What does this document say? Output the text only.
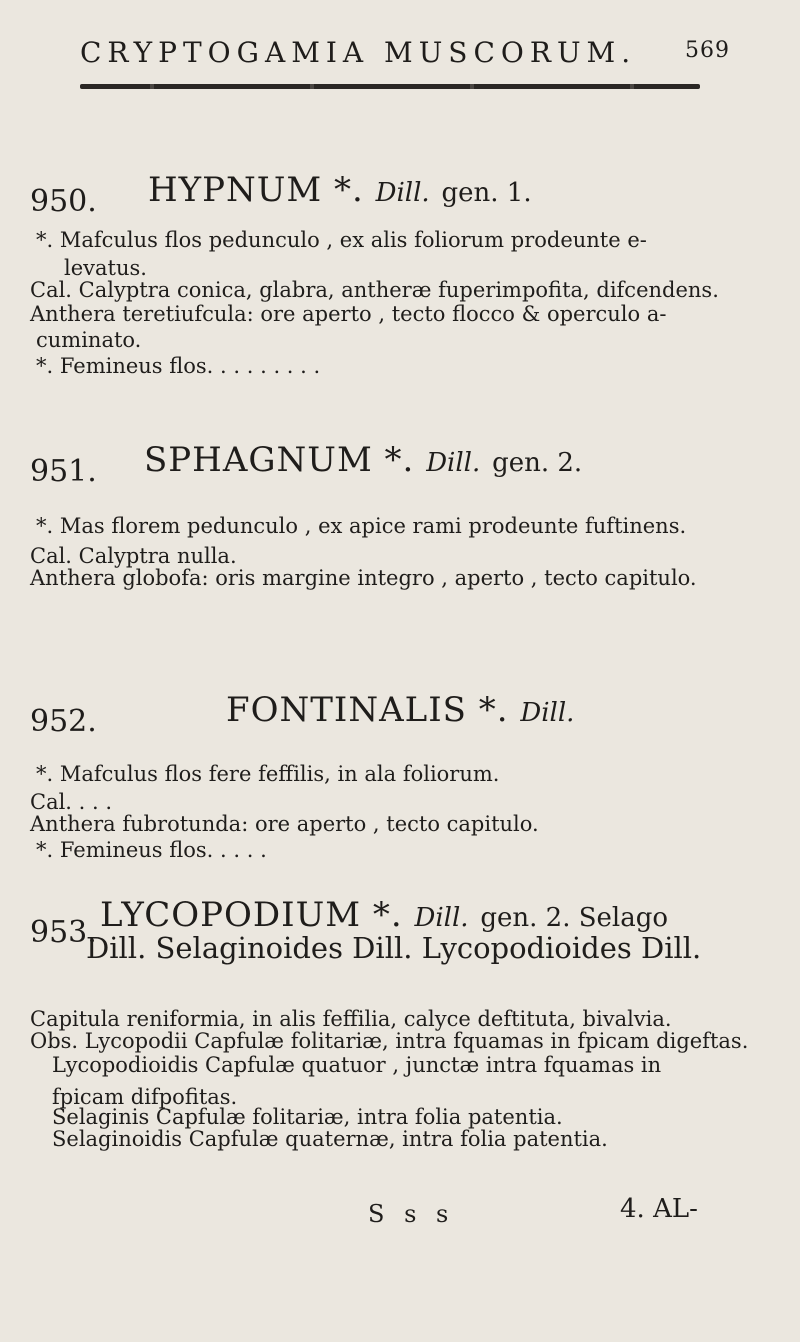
CRYPTOGAMIA MUSCORUM. 569
950. HYPNUM *. Dill. gen. 1.
*. Mafculus flos pedunculo , ex alis foliorum prodeunte e-
levatus.
Cal. Calyptra conica, glabra, antheræ fuperimpofita, difcendens.
Anthera teretiufcula: ore aperto , tecto flocco & operculo a-
cuminato.
*. Femineus flos. . . . . . . . .
951. SPHAGNUM *. Dill. gen. 2.
*. Mas florem pedunculo , ex apice rami prodeunte fuftinens.
Cal. Calyptra nulla.
Anthera globofa: oris margine integro , aperto , tecto capitulo.
952.	FONTINALIS *. Dill.
*. Mafculus flos fere feffilis, in ala foliorum.
Cal. . . .
Anthera fubrotunda: ore aperto , tecto capitulo.
*. Femineus flos. . . . .
953. LYCOPODIUM *. Dill. gen. 2. Selago
Dill. Selaginoides Dill. Lycopodioides Dill.
Capitula reniformia, in alis feffilia, calyce deftituta, bivalvia.
Obs. Lycopodii Capfulæ folitariæ, intra fquamas in fpicam digeftas.
Lycopodioidis Capfulæ quatuor , junctæ intra fquamas in
fpicam difpofitas.
Selaginis Capfulæ folitariæ, intra folia patentia.
Selaginoidis Capfulæ quaternæ, intra folia patentia.
S s s	4. AL-
